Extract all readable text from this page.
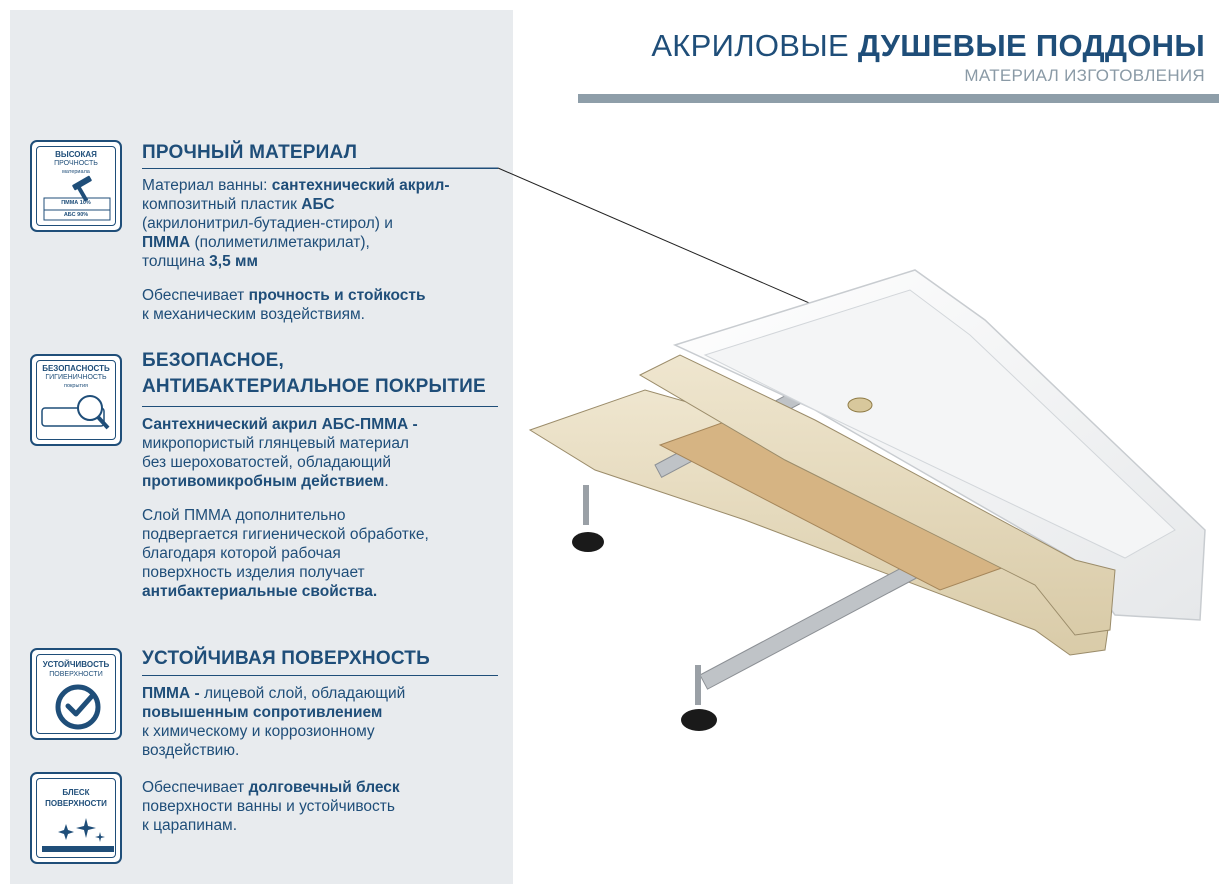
АКРИЛОВЫЕ ДУШЕВЫЕ ПОДДОНЫ
МАТЕРИАЛ ИЗГОТОВЛЕНИЯ
ВЫСОКАЯ
ПРОЧНОСТЬ
материала
ПММА 10%
АБС 90%
ПРОЧНЫЙ МАТЕРИАЛ
Материал ванны: сантехнический акрил-
композитный пластик АБС
(акрилонитрил-бутадиен-стирол) и
ПММА (полиметилметакрилат),
толщина 3,5 мм
Обеспечивает прочность и стойкость
к механическим воздействиям.
БЕЗОПАСНОСТЬ
ГИГИЕНИЧНОСТЬ
покрытия
БЕЗОПАСНОЕ,
АНТИБАКТЕРИАЛЬНОЕ ПОКРЫТИЕ
Сантехнический акрил АБС-ПММА -
микропористый глянцевый материал
без шероховатостей, обладающий
противомикробным действием.
Слой ПММА дополнительно
подвергается гигиенической обработке,
благодаря которой рабочая
поверхность изделия получает
антибактериальные свойства.
УСТОЙЧИВОСТЬ
ПОВЕРХНОСТИ
УСТОЙЧИВАЯ ПОВЕРХНОСТЬ
ПММА - лицевой слой, обладающий
повышенным сопротивлением
к химическому и коррозионному
воздействию.
БЛЕСК
ПОВЕРХНОСТИ
Обеспечивает долговечный блеск
поверхности ванны и устойчивость
к царапинам.
